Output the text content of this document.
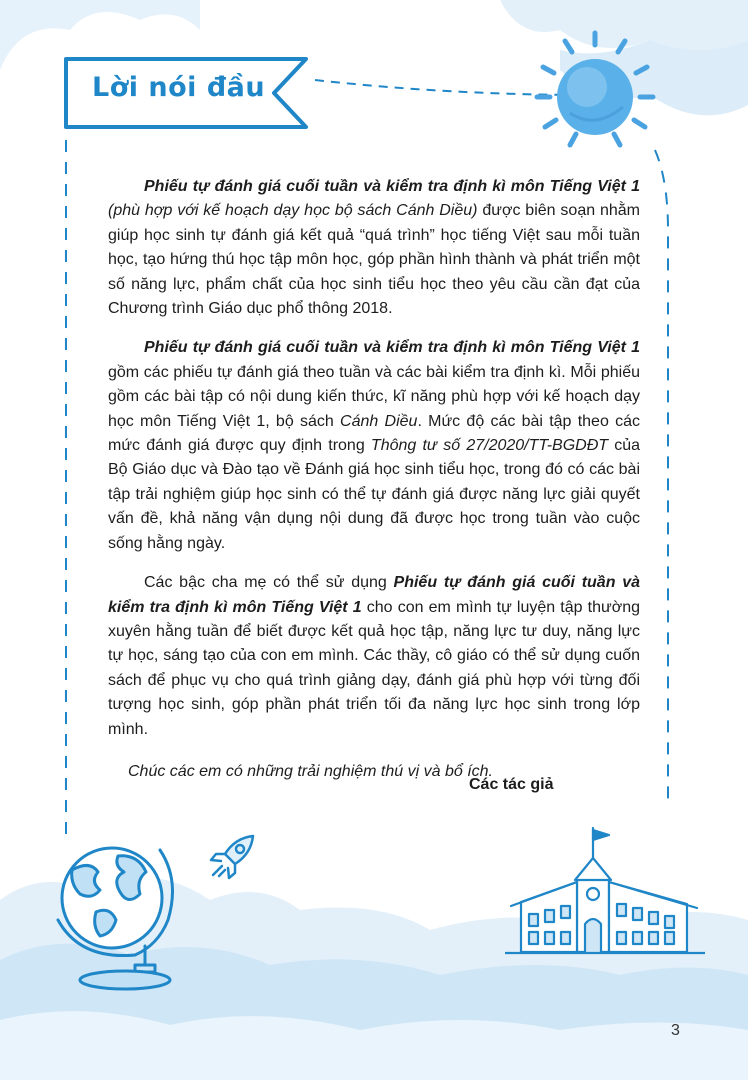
Lời nói đầu

Phiếu tự đánh giá cuối tuần và kiểm tra định kì môn Tiếng Việt 1 (phù hợp với kế hoạch dạy học bộ sách Cánh Diều) được biên soạn nhằm giúp học sinh tự đánh giá kết quả “quá trình” học tiếng Việt sau mỗi tuần học, tạo hứng thú học tập môn học, góp phần hình thành và phát triển một số năng lực, phẩm chất của học sinh tiểu học theo yêu cầu cần đạt của Chương trình Giáo dục phổ thông 2018.

Phiếu tự đánh giá cuối tuần và kiểm tra định kì môn Tiếng Việt 1 gồm các phiếu tự đánh giá theo tuần và các bài kiểm tra định kì. Mỗi phiếu gồm các bài tập có nội dung kiến thức, kĩ năng phù hợp với kế hoạch dạy học môn Tiếng Việt 1, bộ sách Cánh Diều. Mức độ các bài tập theo các mức đánh giá được quy định trong Thông tư số 27/2020/TT-BGDĐT của Bộ Giáo dục và Đào tạo về Đánh giá học sinh tiểu học, trong đó có các bài tập trải nghiệm giúp học sinh có thể tự đánh giá được năng lực giải quyết vấn đề, khả năng vận dụng nội dung đã được học trong tuần vào cuộc sống hằng ngày.

Các bậc cha mẹ có thể sử dụng Phiếu tự đánh giá cuối tuần và kiểm tra định kì môn Tiếng Việt 1 cho con em mình tự luyện tập thường xuyên hằng tuần để biết được kết quả học tập, năng lực tư duy, năng lực tự học, sáng tạo của con em mình. Các thầy, cô giáo có thể sử dụng cuốn sách để phục vụ cho quá trình giảng dạy, đánh giá phù hợp với từng đối tượng học sinh, góp phần phát triển tối đa năng lực học sinh trong lớp mình.

Chúc các em có những trải nghiệm thú vị và bổ ích.

Các tác giả
3
